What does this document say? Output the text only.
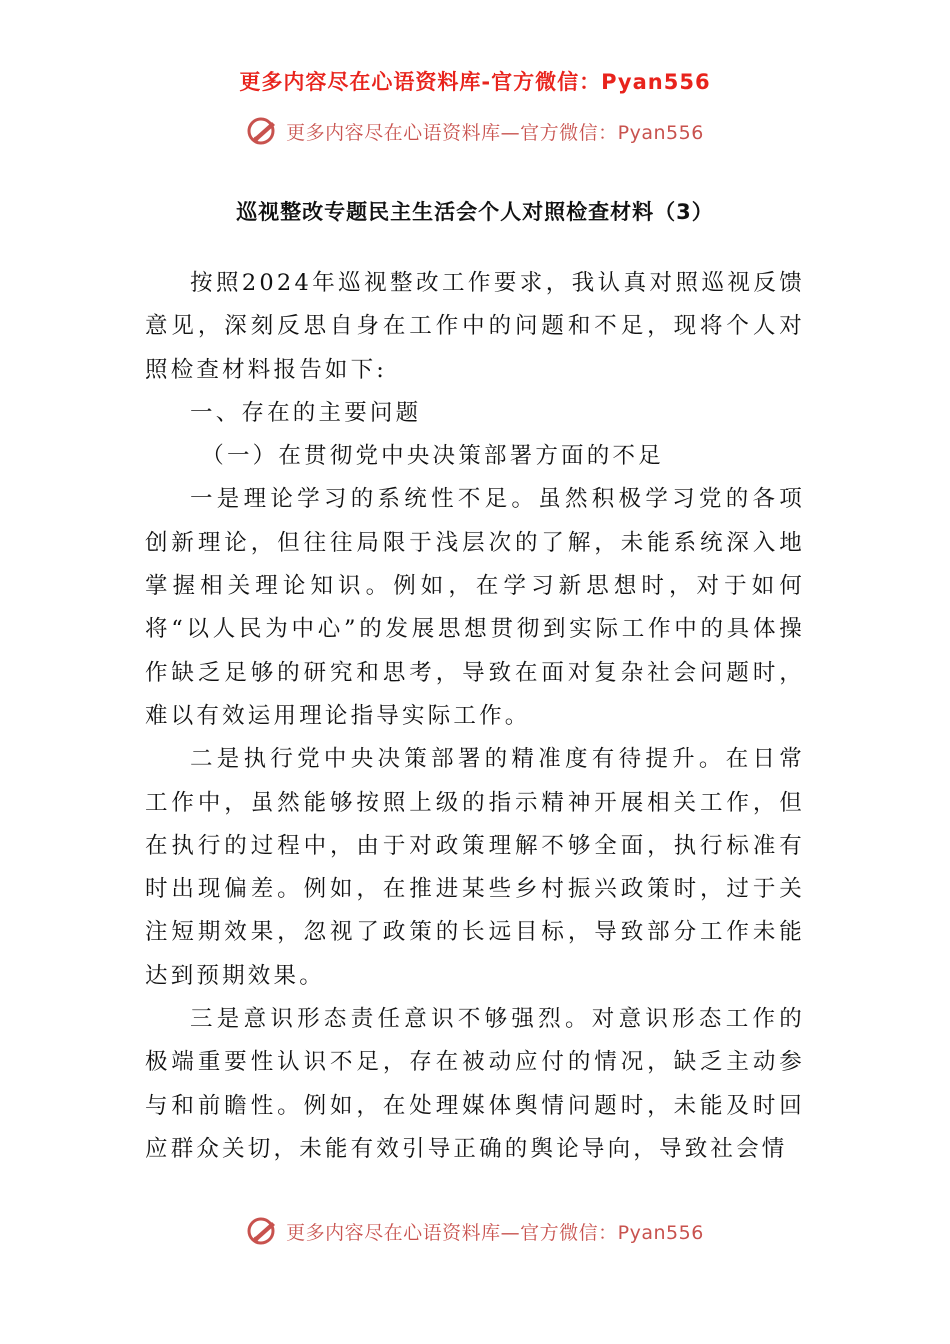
更多内容尽在心语资料库-官方微信：Pyan556
更多内容尽在心语资料库—官方微信：Pyan556
巡视整改专题民主生活会个人对照检查材料（3）

按照2024年巡视整改工作要求，我认真对照巡视反馈意见，深刻反思自身在工作中的问题和不足，现将个人对照检查材料报告如下:

一、存在的主要问题

（一）在贯彻党中央决策部署方面的不足

一是理论学习的系统性不足。虽然积极学习党的各项创新理论，但往往局限于浅层次的了解，未能系统深入地掌握相关理论知识。例如，在学习新思想时，对于如何将“以人民为中心”的发展思想贯彻到实际工作中的具体操作缺乏足够的研究和思考，导致在面对复杂社会问题时，难以有效运用理论指导实际工作。

二是执行党中央决策部署的精准度有待提升。在日常工作中，虽然能够按照上级的指示精神开展相关工作，但在执行的过程中，由于对政策理解不够全面，执行标准有时出现偏差。例如，在推进某些乡村振兴政策时，过于关注短期效果，忽视了政策的长远目标，导致部分工作未能达到预期效果。

三是意识形态责任意识不够强烈。对意识形态工作的极端重要性认识不足，存在被动应付的情况，缺乏主动参与和前瞻性。例如，在处理媒体舆情问题时，未能及时回应群众关切，未能有效引导正确的舆论导向，导致社会情

更多内容尽在心语资料库—官方微信：Pyan556
